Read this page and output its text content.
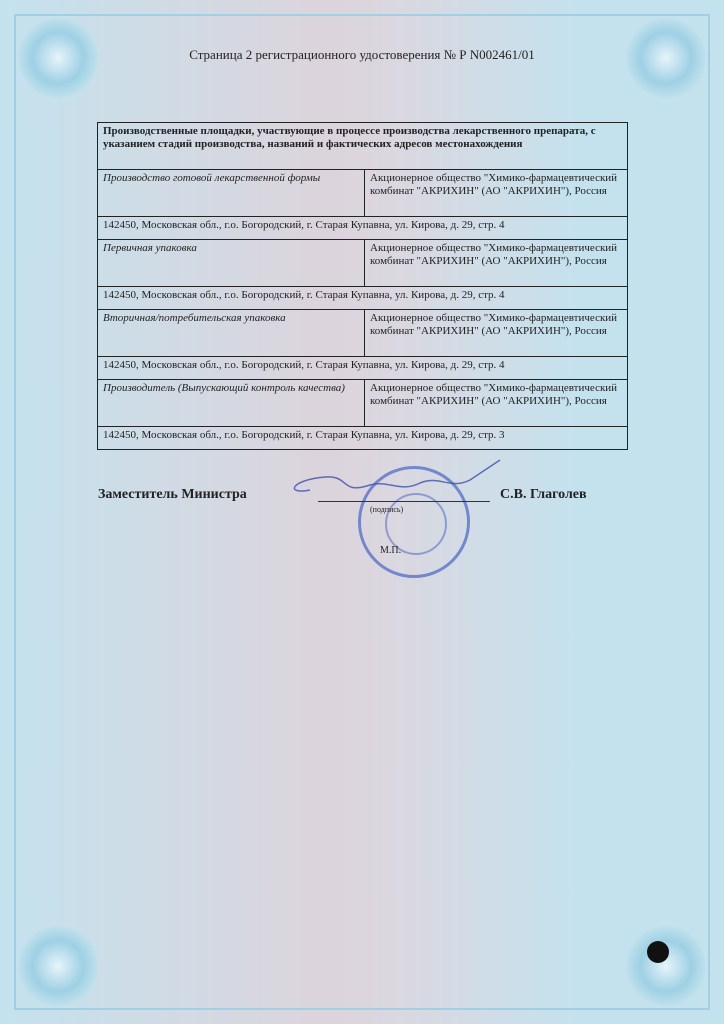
Страница 2 регистрационного удостоверения № Р N002461/01
Производственные площадки, участвующие в процессе производства лекарственного препарата, с указанием стадий производства, названий и фактических адресов местонахождения	
Производство готовой лекарственной формы	Акционерное общество "Химико-фармацевтический комбинат "АКРИХИН" (АО "АКРИХИН"), Россия
142450, Московская обл., г.о. Богородский, г. Старая Купавна, ул. Кирова, д. 29, стр. 4	
Первичная упаковка	Акционерное общество "Химико-фармацевтический комбинат "АКРИХИН" (АО "АКРИХИН"), Россия
142450, Московская обл., г.о. Богородский, г. Старая Купавна, ул. Кирова, д. 29, стр. 4	
Вторичная/потребительская упаковка	Акционерное общество "Химико-фармацевтический комбинат "АКРИХИН" (АО "АКРИХИН"), Россия
142450, Московская обл., г.о. Богородский, г. Старая Купавна, ул. Кирова, д. 29, стр. 4	
Производитель (Выпускающий контроль качества)	Акционерное общество "Химико-фармацевтический комбинат "АКРИХИН" (АО "АКРИХИН"), Россия
142450, Московская обл., г.о. Богородский, г. Старая Купавна, ул. Кирова, д. 29, стр. 3	
Заместитель Министра
(подпись)
С.В. Глаголев
М.П.
